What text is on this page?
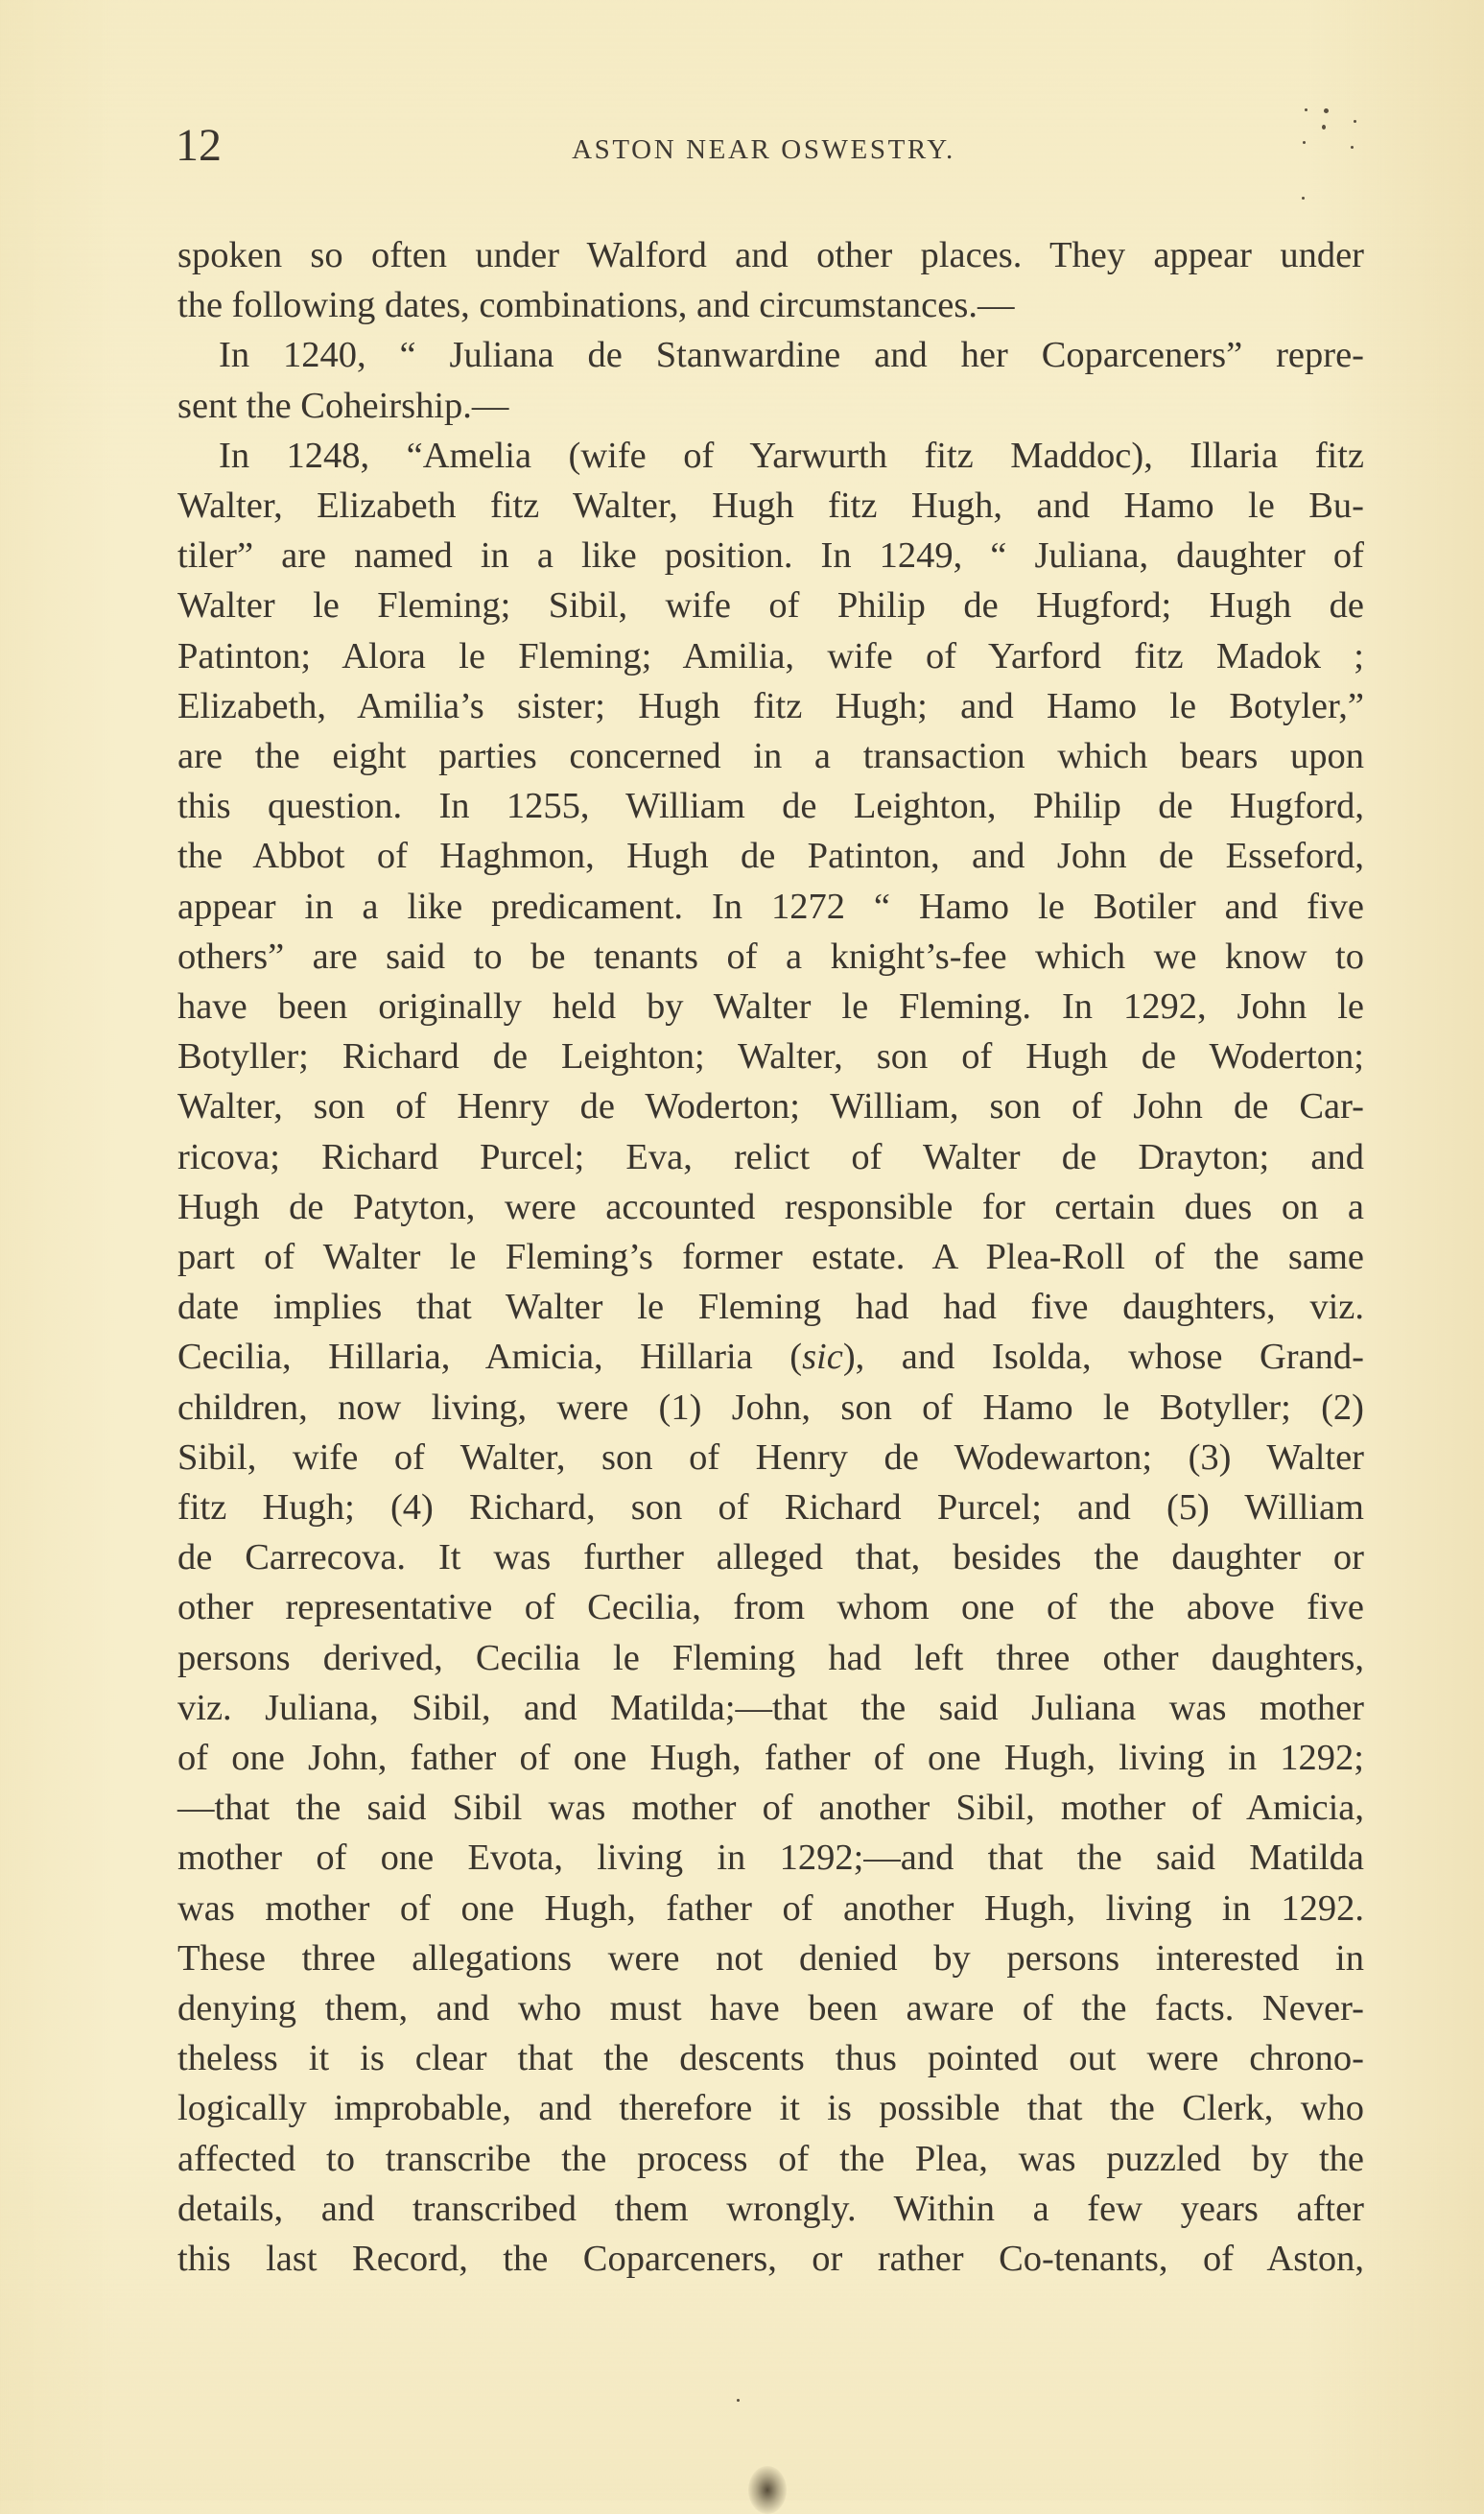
12	ASTON NEAR OSWESTRY.
spoken so often under Walford and other places. They appear under
the following dates, combinations, and circumstances.—
In 1240, “ Juliana de Stanwardine and her Coparceners” repre-
sent the Coheirship.—
In 1248, “Amelia (wife of Yarwurth fitz Maddoc), Illaria fitz
Walter, Elizabeth fitz Walter, Hugh fitz Hugh, and Hamo le Bu-
tiler” are named in a like position. In 1249, “ Juliana, daughter of
Walter le Fleming; Sibil, wife of Philip de Hugford; Hugh de
Patinton; Alora le Fleming; Amilia, wife of Yarford fitz Madok ;
Elizabeth, Amilia’s sister; Hugh fitz Hugh; and Hamo le Botyler,”
are the eight parties concerned in a transaction which bears upon
this question. In 1255, William de Leighton, Philip de Hugford,
the Abbot of Haghmon, Hugh de Patinton, and John de Esseford,
appear in a like predicament. In 1272 “ Hamo le Botiler and five
others” are said to be tenants of a knight’s-fee which we know to
have been originally held by Walter le Fleming. In 1292, John le
Botyller; Richard de Leighton; Walter, son of Hugh de Woderton;
Walter, son of Henry de Woderton; William, son of John de Car-
ricova; Richard Purcel; Eva, relict of Walter de Drayton; and
Hugh de Patyton, were accounted responsible for certain dues on a
part of Walter le Fleming’s former estate. A Plea-Roll of the same
date implies that Walter le Fleming had had five daughters, viz.
Cecilia, Hillaria, Amicia, Hillaria (sic), and Isolda, whose Grand-
children, now living, were (1) John, son of Hamo le Botyller; (2)
Sibil, wife of Walter, son of Henry de Wodewarton; (3) Walter
fitz Hugh; (4) Richard, son of Richard Purcel; and (5) William
de Carrecova. It was further alleged that, besides the daughter or
other representative of Cecilia, from whom one of the above five
persons derived, Cecilia le Fleming had left three other daughters,
viz. Juliana, Sibil, and Matilda;—that the said Juliana was mother
of one John, father of one Hugh, father of one Hugh, living in 1292;
—that the said Sibil was mother of another Sibil, mother of Amicia,
mother of one Evota, living in 1292;—and that the said Matilda
was mother of one Hugh, father of another Hugh, living in 1292.
These three allegations were not denied by persons interested in
denying them, and who must have been aware of the facts. Never-
theless it is clear that the descents thus pointed out were chrono-
logically improbable, and therefore it is possible that the Clerk, who
affected to transcribe the process of the Plea, was puzzled by the
details, and transcribed them wrongly. Within a few years after
this last Record, the Coparceners, or rather Co-tenants, of Aston,
